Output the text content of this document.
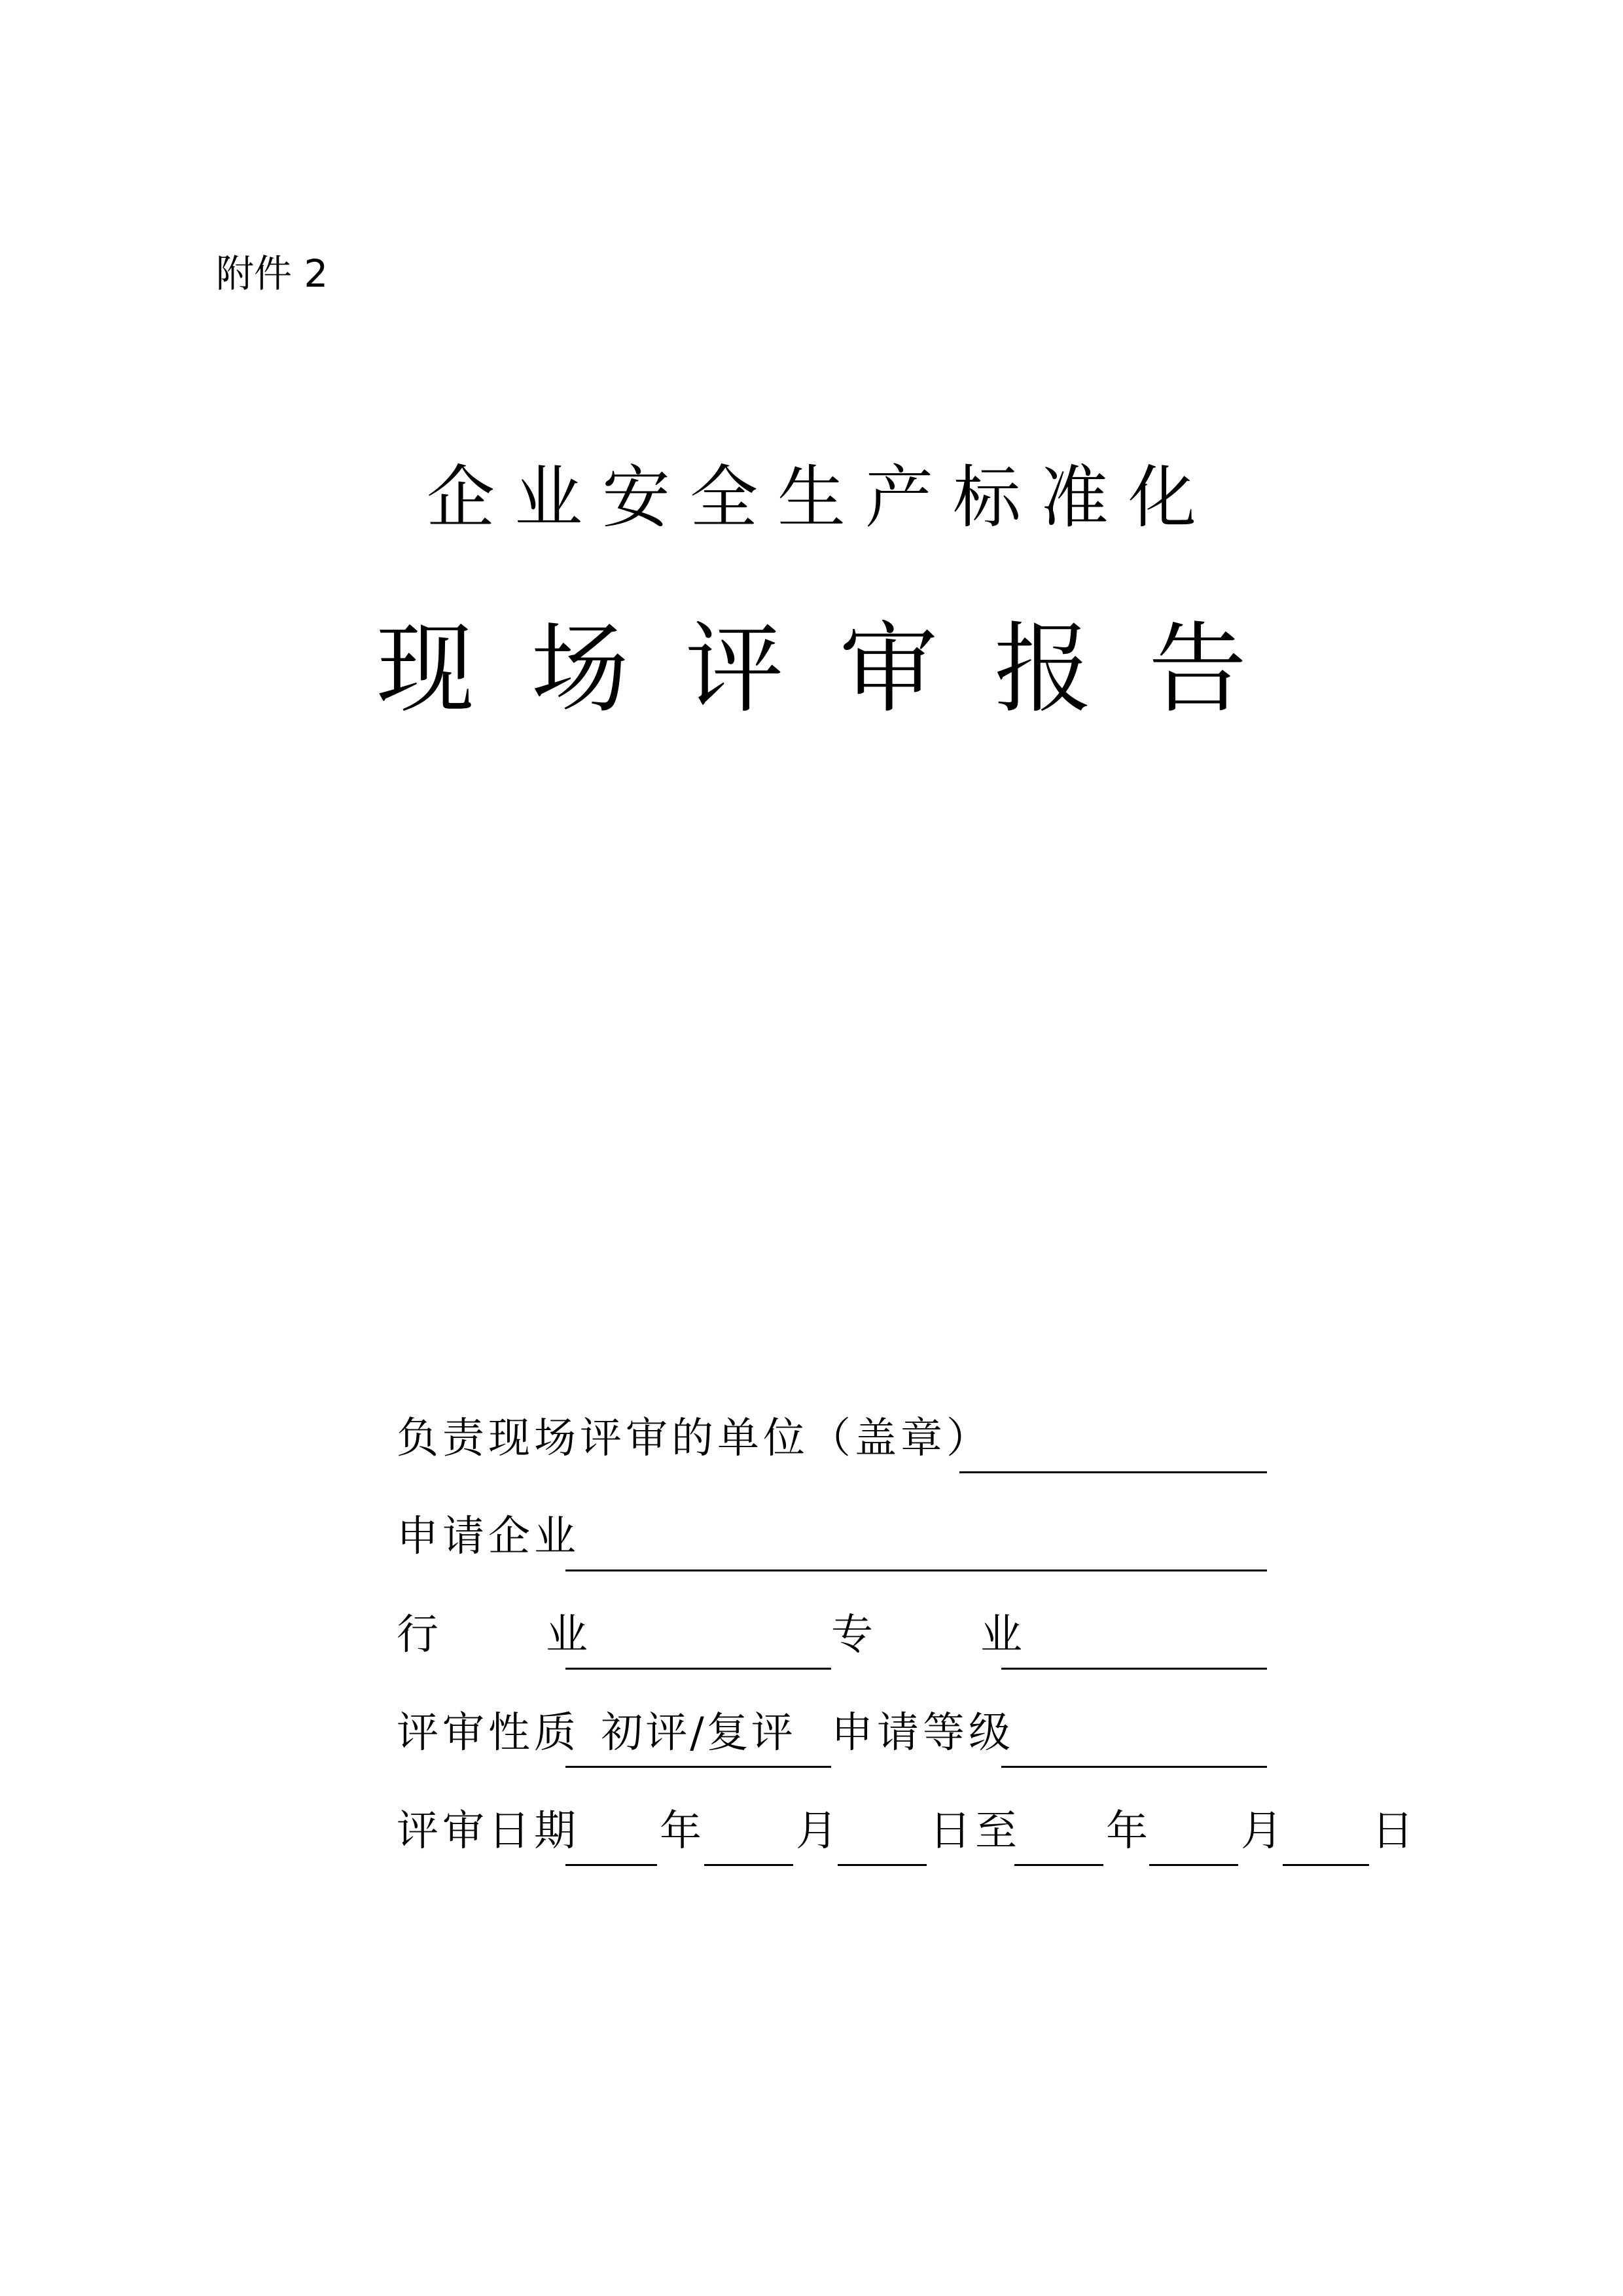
附件 2
企业安全生产标准化
现场评审报告
负责现场评审的单位（盖章）
申请企业
行      业	专      业
评审性质 初评/复评 申请等级
评审日期 年 月 日至 年 月 日
